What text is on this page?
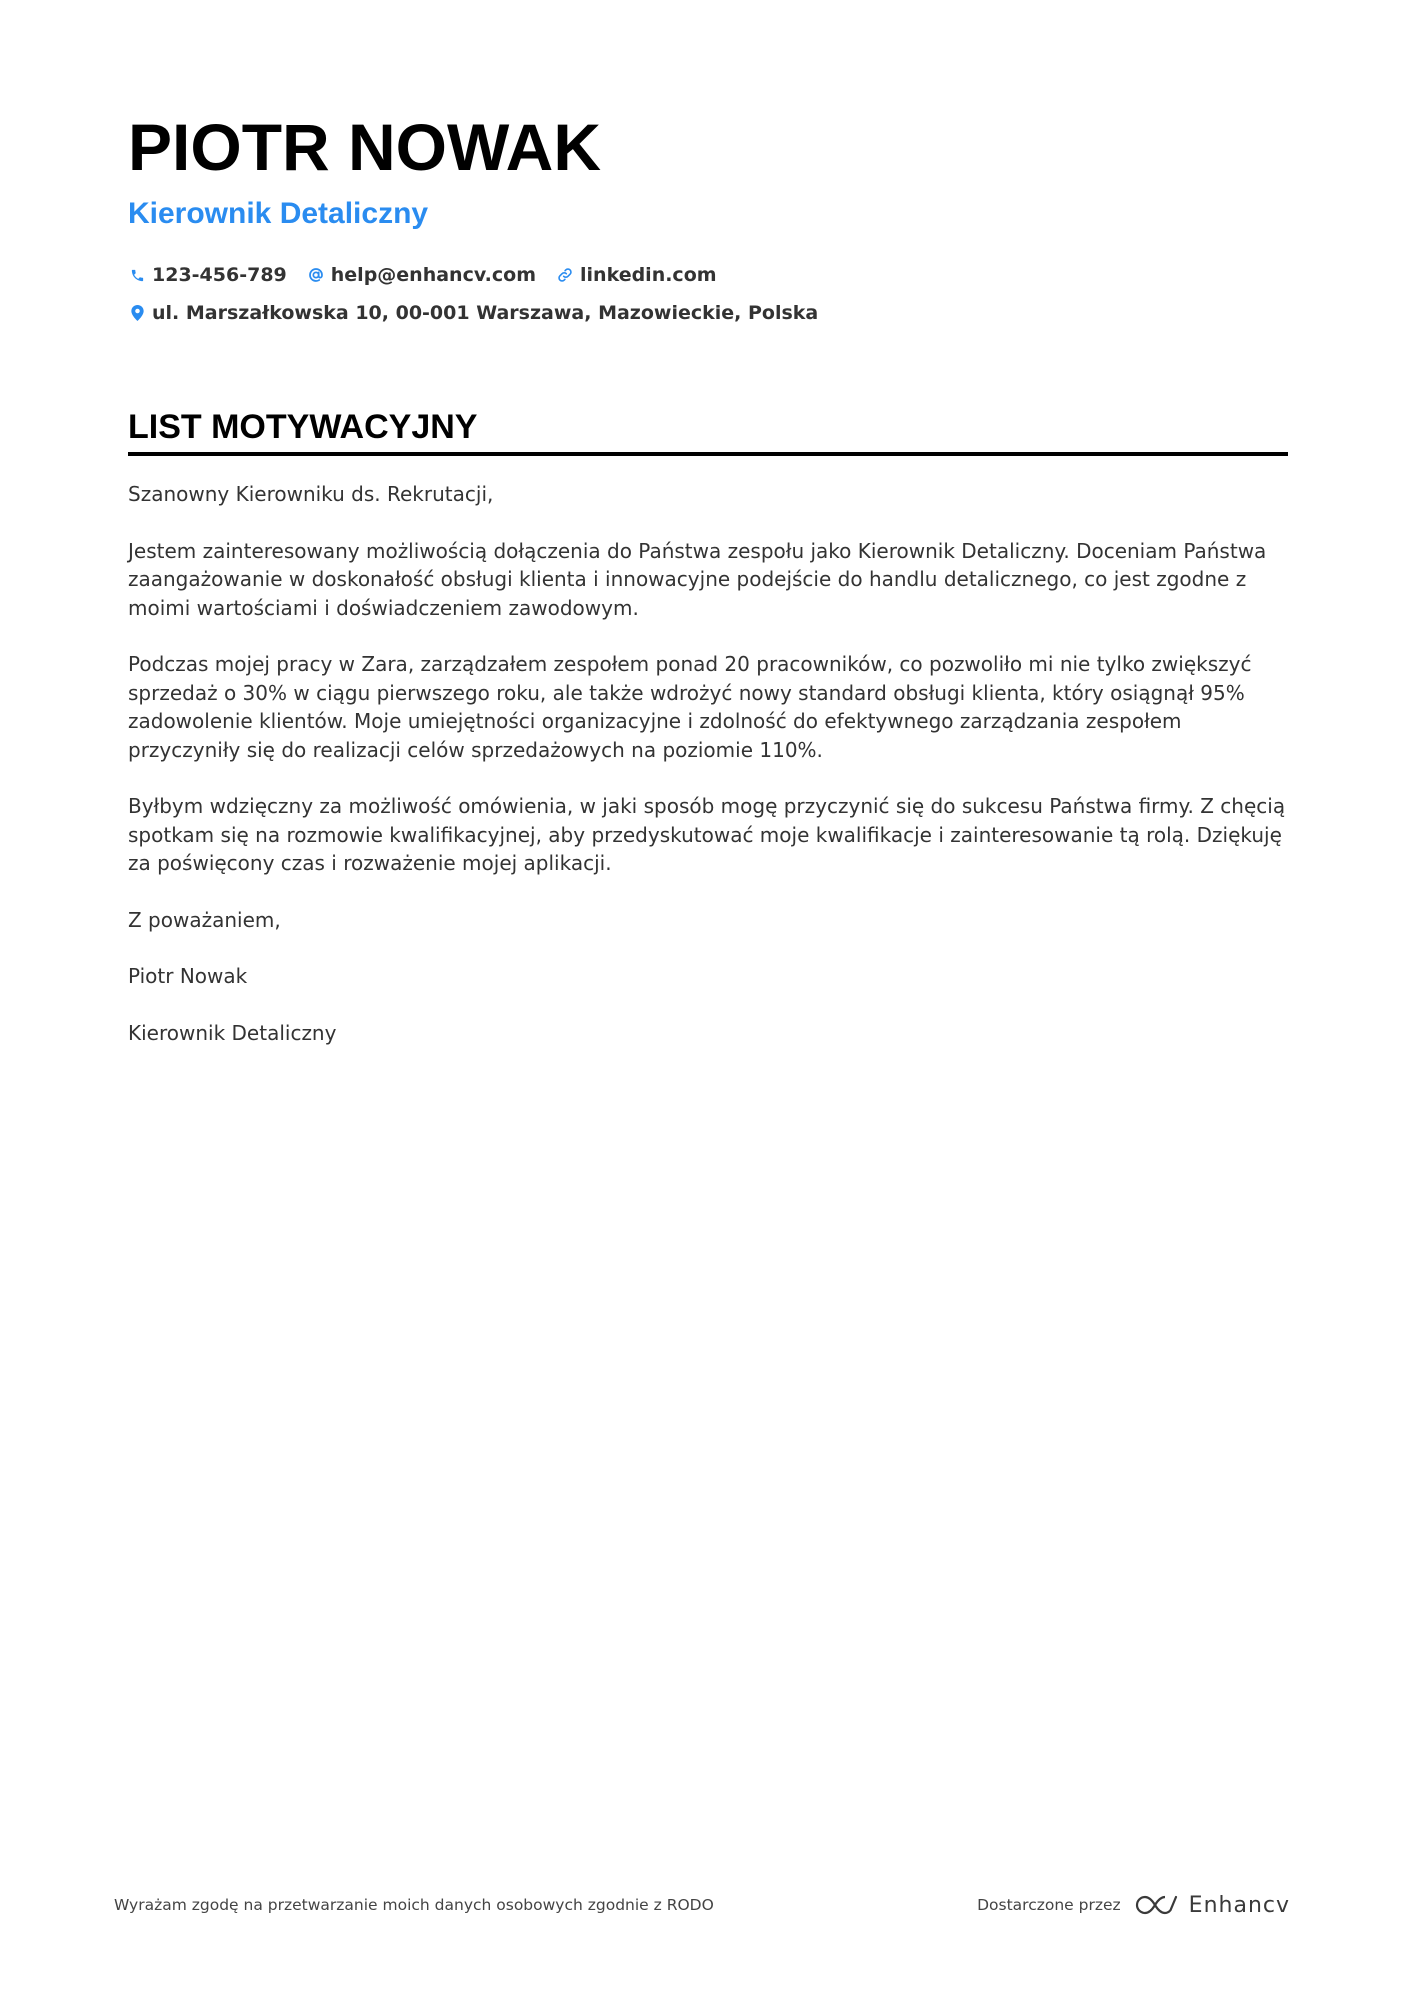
PIOTR NOWAK
Kierownik Detaliczny
123-456-789 help@enhancv.com linkedin.com
ul. Marszałkowska 10, 00-001 Warszawa, Mazowieckie, Polska
LIST MOTYWACYJNY

Szanowny Kierowniku ds. Rekrutacji,

Jestem zainteresowany możliwością dołączenia do Państwa zespołu jako Kierownik Detaliczny. Doceniam Państwa zaangażowanie w doskonałość obsługi klienta i innowacyjne podejście do handlu detalicznego, co jest zgodne z moimi wartościami i doświadczeniem zawodowym.

Podczas mojej pracy w Zara, zarządzałem zespołem ponad 20 pracowników, co pozwoliło mi nie tylko zwiększyć sprzedaż o 30% w ciągu pierwszego roku, ale także wdrożyć nowy standard obsługi klienta, który osiągnął 95% zadowolenie klientów. Moje umiejętności organizacyjne i zdolność do efektywnego zarządzania zespołem przyczyniły się do realizacji celów sprzedażowych na poziomie 110%.

Byłbym wdzięczny za możliwość omówienia, w jaki sposób mogę przyczynić się do sukcesu Państwa firmy. Z chęcią spotkam się na rozmowie kwalifikacyjnej, aby przedyskutować moje kwalifikacje i zainteresowanie tą rolą. Dziękuję za poświęcony czas i rozważenie mojej aplikacji.

Z poważaniem,

Piotr Nowak

Kierownik Detaliczny

Wyrażam zgodę na przetwarzanie moich danych osobowych zgodnie z RODO	Dostarczone przez	Enhancv
